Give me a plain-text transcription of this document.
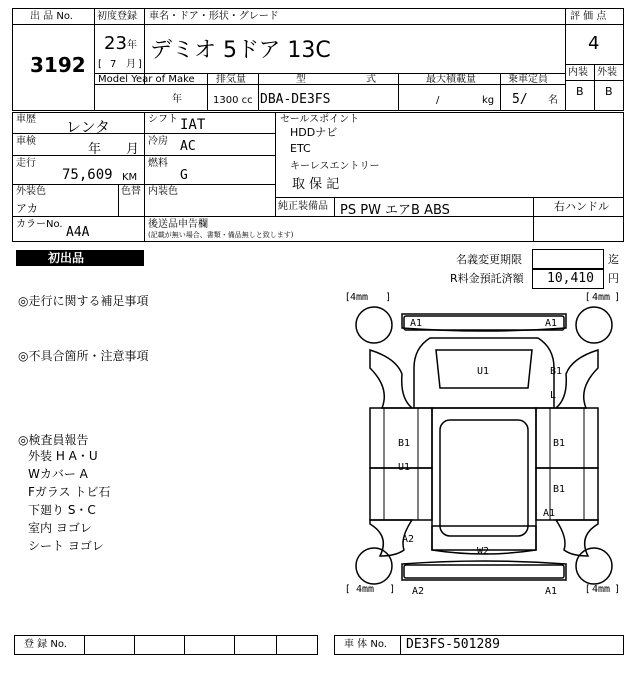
出 品 No.
3192
初度登録
23 年
[ 7 月 ]
車名・ドア・形状・グレード
デミオ 5ドア 13C
評 価 点
4
内装 外装
B B
Model Year of Make
年
排気量
1300 cc
型	式
DBA-DE3FS
最大積載量
/	kg
乗車定員
5/ 名
車歴 レンタ	シフト IAT
車検
年 月
冷房 AC
走行
75,609 KM
燃料
G
外装色
アカ
色替 内装色
カラーNo.
A4A
後送品申告欄
(記載が無い場合、書類・備品無しと致します)
セールスポイント
HDDナビ
ETC
キーレスエントリー
取 保 記
純正装備品 PS PW エアB ABS	右ハンドル
初出品	名義変更期限	迄
R料金預託済額 10,410 円
◎走行に関する補足事項
◎不具合箇所・注意事項
◎検査員報告
外装 H A・U
Wカバー A
Fガラス トビ石
下廻り S・C
室内 ヨゴレ
シート ヨゴレ
4mm	4mm
4mm	4mm
[	]	[	]
[	]	[	]
A1	A1
U1	B1
L
B1
U1
B1
B1
A1
A2
W2
A2	A1
登 録 No.	車 体 No. DE3FS-501289
